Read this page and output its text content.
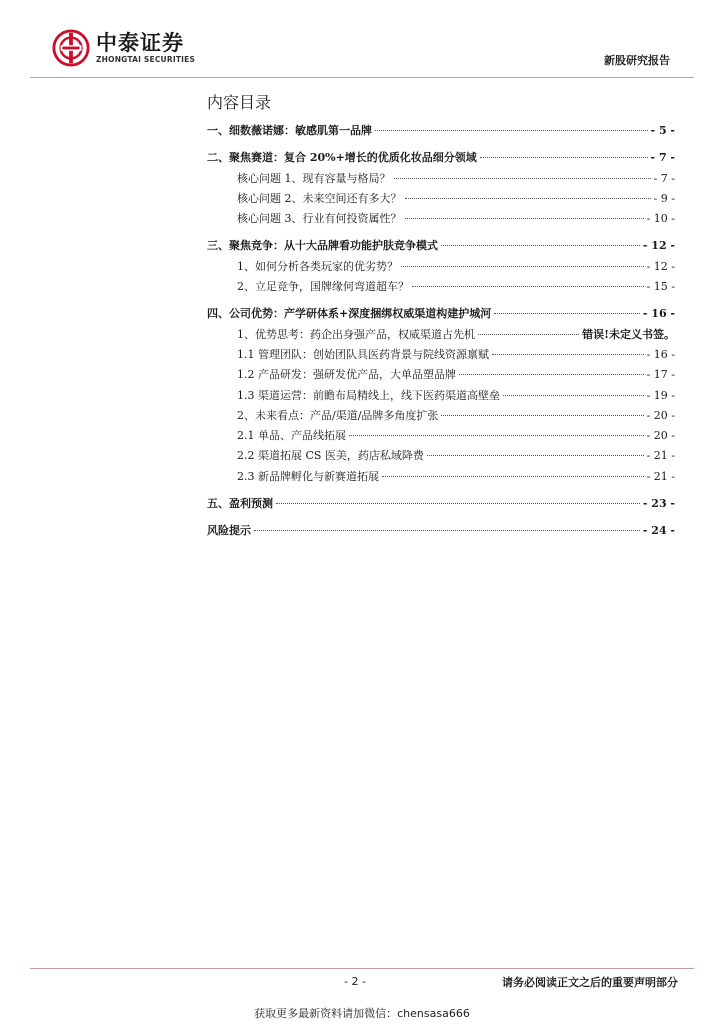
中泰证券
ZHONGTAI SECURITIES	新股研究报告
内容目录
一、细数薇诺娜：敏感肌第一品牌	- 5 -
二、聚焦赛道：复合 20%+增长的优质化妆品细分领域	- 7 -
核心问题 1、现有容量与格局？	- 7 -
核心问题 2、未来空间还有多大？	- 9 -
核心问题 3、行业有何投资属性？	- 10 -
三、聚焦竞争：从十大品牌看功能护肤竞争模式	- 12 -
1、如何分析各类玩家的优劣势？	- 12 -
2、立足竞争，国牌缘何弯道超车？	- 15 -
四、公司优势：产学研体系+深度捆绑权威渠道构建护城河	- 16 -
1、优势思考：药企出身强产品，权威渠道占先机	错误!未定义书签。
1.1 管理团队：创始团队具医药背景与院线资源禀赋	- 16 -
1.2 产品研发：强研发优产品，大单品塑品牌	- 17 -
1.3 渠道运营：前瞻布局精线上，线下医药渠道高壁垒	- 19 -
2、未来看点：产品/渠道/品牌多角度扩张	- 20 -
2.1 单品、产品线拓展	- 20 -
2.2 渠道拓展 CS 医美，药店私域降费	- 21 -
2.3 新品牌孵化与新赛道拓展	- 21 -
五、盈利预测	- 23 -
风险提示	- 24 -
- 2 -	请务必阅读正文之后的重要声明部分
获取更多最新资料请加微信：chensasa666
